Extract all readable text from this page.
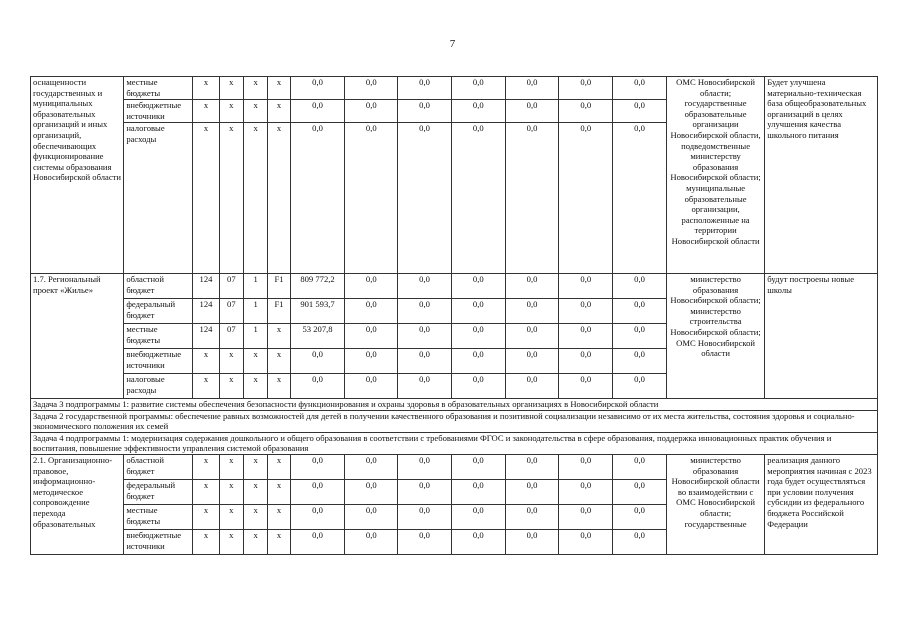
7
оснащенности государственных и муниципальных образовательных организаций и иных организаций, обеспечивающих функционирование системы образования Новосибирской области	местные бюджеты	х	х	х	х	0,0	0,0	0,0	0,0	0,0	0,0	0,0	ОМС Новосибирской области; государственные образовательные организации Новосибирской области, подведомственные министерству образования Новосибирской области; муниципальные образовательные организации, расположенные на территории Новосибирской области	Будет улучшена материально-техническая база общеобразовательных организаций в целях улучшения качества школьного питания
	внебюджетные источники	х	х	х	х	0,0	0,0	0,0	0,0	0,0	0,0	0,0		
	налоговые расходы	х	х	х	х	0,0	0,0	0,0	0,0	0,0	0,0	0,0		
1.7. Региональный проект «Жилье»	областной бюджет	124	07	1	F1	809 772,2	0,0	0,0	0,0	0,0	0,0	0,0	министерство образования Новосибирской области; министерство строительства Новосибирской области; ОМС Новосибирской области	будут построены новые школы
	федеральный бюджет	124	07	1	F1	901 593,7	0,0	0,0	0,0	0,0	0,0	0,0		
	местные бюджеты	124	07	1	х	53 207,8	0,0	0,0	0,0	0,0	0,0	0,0		
	внебюджетные источники	х	х	х	х	0,0	0,0	0,0	0,0	0,0	0,0	0,0		
	налоговые расходы	х	х	х	х	0,0	0,0	0,0	0,0	0,0	0,0	0,0		
Задача 3 подпрограммы 1: развитие системы обеспечения безопасности функционирования и охраны здоровья в образовательных организациях в Новосибирской области														
Задача 2 государственной программы: обеспечение равных возможностей для детей в получении качественного образования и позитивной социализации независимо от их места жительства, состояния здоровья и социально-экономического положения их семей														
Задача 4 подпрограммы 1: модернизация содержания дошкольного и общего образования в соответствии с требованиями ФГОС и законодательства в сфере образования, поддержка инновационных практик обучения и воспитания, повышение эффективности управления системой образования														
2.1. Организационно-правовое, информационно-методическое сопровождение перехода образовательных	областной бюджет	х	х	х	х	0,0	0,0	0,0	0,0	0,0	0,0	0,0	министерство образования Новосибирской области во взаимодействии с ОМС Новосибирской области; государственные	реализация данного мероприятия начиная с 2023 года будет осуществляться при условии получения субсидии из федерального бюджета Российской Федерации
	федеральный бюджет	х	х	х	х	0,0	0,0	0,0	0,0	0,0	0,0	0,0		
	местные бюджеты	х	х	х	х	0,0	0,0	0,0	0,0	0,0	0,0	0,0		
	внебюджетные источники	х	х	х	х	0,0	0,0	0,0	0,0	0,0	0,0	0,0		
